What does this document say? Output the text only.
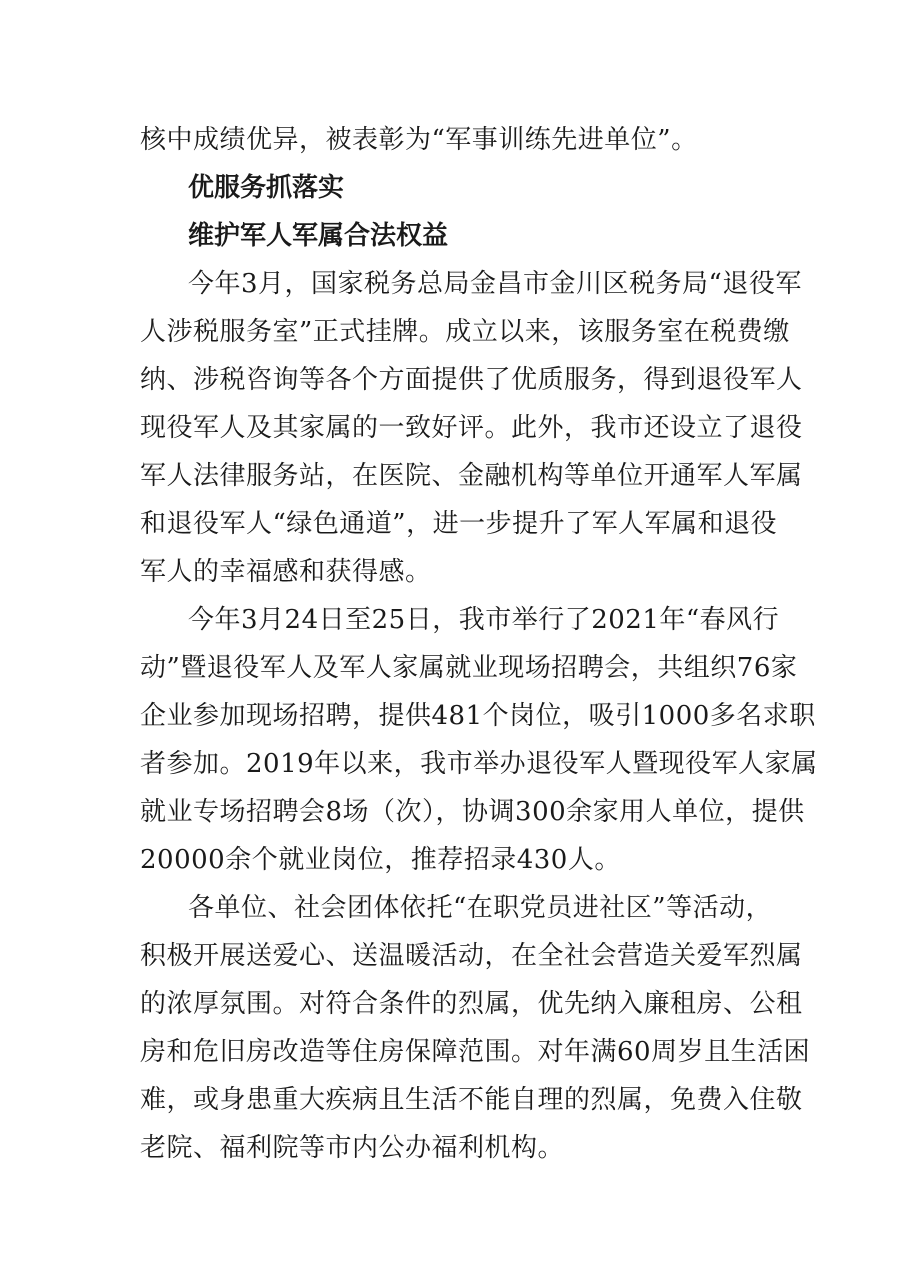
核中成绩优异，被表彰为“军事训练先进单位”。
优服务抓落实
维护军人军属合法权益
今年3月，国家税务总局金昌市金川区税务局“退役军
人涉税服务室”正式挂牌。成立以来，该服务室在税费缴
纳、涉税咨询等各个方面提供了优质服务，得到退役军人
现役军人及其家属的一致好评。此外，我市还设立了退役
军人法律服务站，在医院、金融机构等单位开通军人军属
和退役军人“绿色通道”，进一步提升了军人军属和退役
军人的幸福感和获得感。
今年3月24日至25日，我市举行了2021年“春风行
动”暨退役军人及军人家属就业现场招聘会，共组织76家
企业参加现场招聘，提供481个岗位，吸引1000多名求职
者参加。2019年以来，我市举办退役军人暨现役军人家属
就业专场招聘会8场（次），协调300余家用人单位，提供
20000余个就业岗位，推荐招录430人。
各单位、社会团体依托“在职党员进社区”等活动，
积极开展送爱心、送温暖活动，在全社会营造关爱军烈属
的浓厚氛围。对符合条件的烈属，优先纳入廉租房、公租
房和危旧房改造等住房保障范围。对年满60周岁且生活困
难，或身患重大疾病且生活不能自理的烈属，免费入住敬
老院、福利院等市内公办福利机构。
